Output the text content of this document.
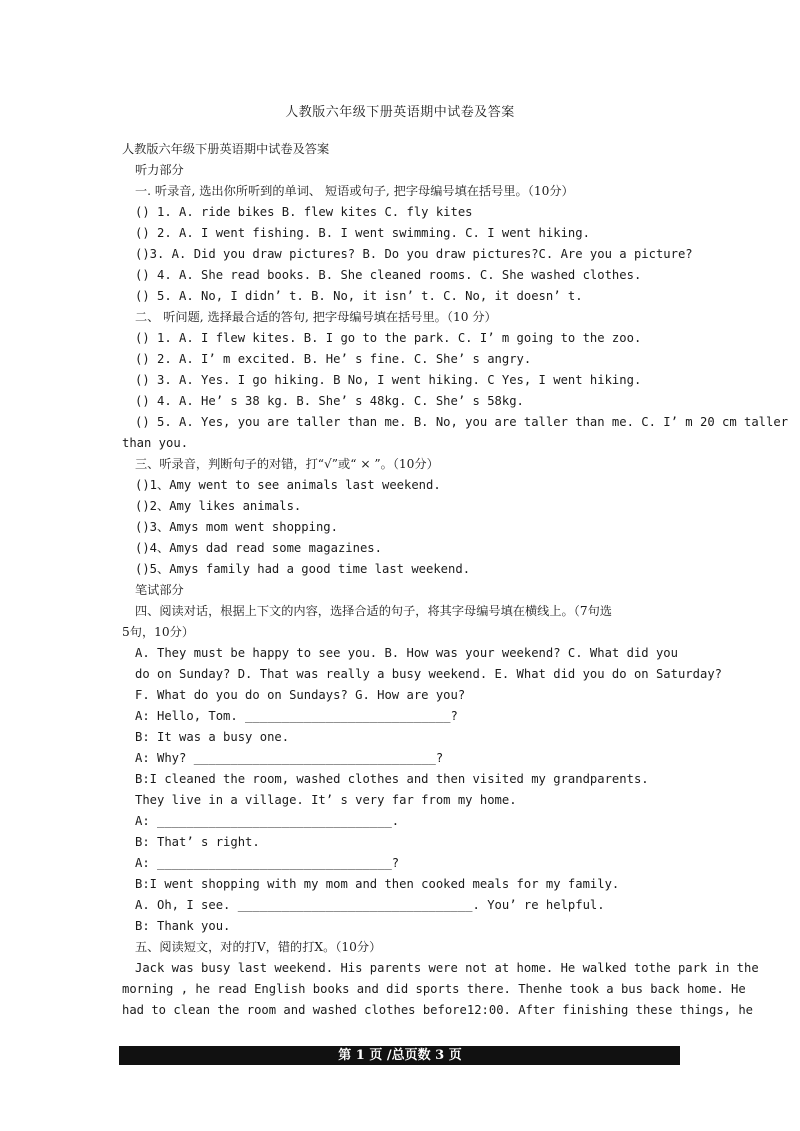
人教版六年级下册英语期中试卷及答案
人教版六年级下册英语期中试卷及答案
听力部分
一. 听录音, 选出你所听到的单词、 短语或句子, 把字母编号填在括号里。（10分）
() 1. A. ride bikes B. flew kites C. fly kites
() 2. A. I went fishing. B. I went swimming. C. I went hiking.
()3. A. Did you draw pictures? B. Do you draw pictures?C. Are you a picture?
() 4. A. She read books. B. She cleaned rooms. C. She washed clothes.
() 5. A. No, I didn’ t. B. No, it isn’ t. C. No, it doesn’ t.
二、 听问题, 选择最合适的答句, 把字母编号填在括号里。（10 分）
() 1. A. I flew kites. B. I go to the park. C. I’ m going to the zoo.
() 2. A. I’ m excited. B. He’ s fine. C. She’ s angry.
() 3. A. Yes. I go hiking. B No, I went hiking. C Yes, I went hiking.
() 4. A. He’ s 38 kg. B. She’ s 48kg. C. She’ s 58kg.
() 5. A. Yes, you are taller than me. B. No, you are taller than me. C. I’ m 20 cm taller
than you.
三、听录音，判断句子的对错，打“√”或“ × ”。（10分）
()1、Amy went to see animals last weekend.
()2、Amy likes animals.
()3、Amys mom went shopping.
()4、Amys dad read some magazines.
()5、Amys family had a good time last weekend.
笔试部分
四、阅读对话，根据上下文的内容，选择合适的句子，将其字母编号填在横线上。（7句选
5句，10分）
A. They must be happy to see you. B. How was your weekend? C. What did you
do on Sunday? D. That was really a busy weekend. E. What did you do on Saturday?
F. What do you do on Sundays? G. How are you?
A: Hello, Tom. ____________________________?
B: It was a busy one.
A: Why? _________________________________?
B:I cleaned the room, washed clothes and then visited my grandparents.
They live in a village. It’ s very far from my home.
A: ________________________________.
B: That’ s right.
A: ________________________________?
B:I went shopping with my mom and then cooked meals for my family.
A. Oh, I see. ________________________________. You’ re helpful.
B: Thank you.
五、阅读短文，对的打V，错的打X。（10分）
Jack was busy last weekend. His parents were not at home. He walked tothe park in the
morning , he read English books and did sports there. Thenhe took a bus back home. He
had to clean the room and washed clothes before12:00. After finishing these things, he
第 1 页 /总页数 3 页
